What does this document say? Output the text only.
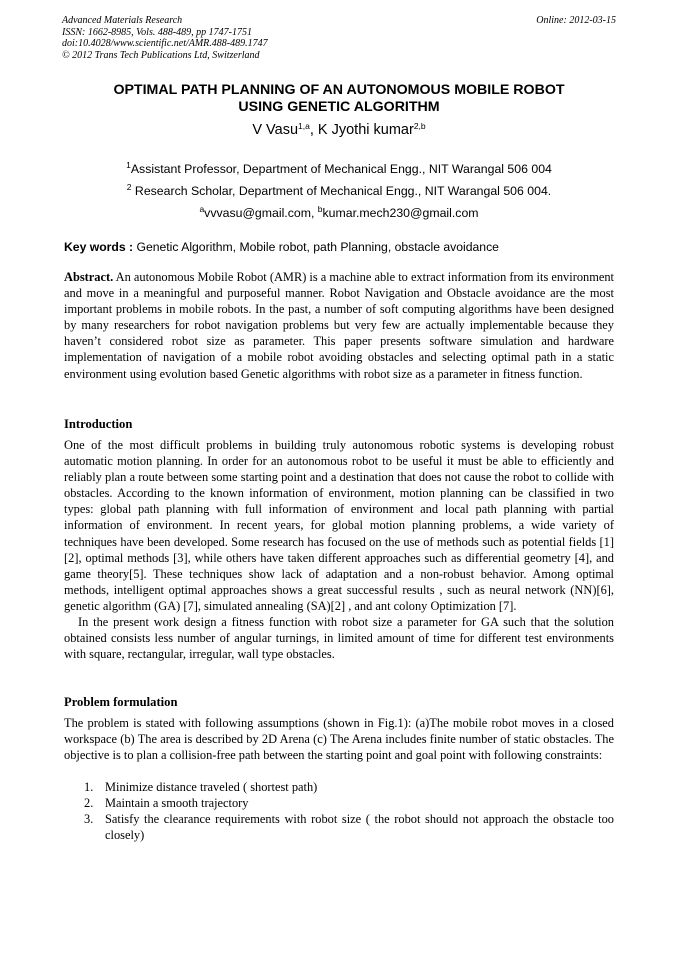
Advanced Materials Research
ISSN: 1662-8985, Vols. 488-489, pp 1747-1751
doi:10.4028/www.scientific.net/AMR.488-489.1747
© 2012 Trans Tech Publications Ltd, Switzerland
Online: 2012-03-15
OPTIMAL PATH PLANNING OF AN AUTONOMOUS MOBILE ROBOT
USING GENETIC ALGORITHM
V Vasu$^{1,a}$, K Jyothi kumar$^{2,b}$
$^1$Assistant Professor, Department of Mechanical Engg., NIT Warangal 506 004
$^2$ Research Scholar, Department of Mechanical Engg., NIT Warangal 506 004.
$^a$vvvasu@gmail.com, $^b$kumar.mech230@gmail.com
Key words : Genetic Algorithm, Mobile robot, path Planning, obstacle avoidance
Abstract. An autonomous Mobile Robot (AMR) is a machine able to extract information from its environment and move in a meaningful and purposeful manner. Robot Navigation and Obstacle avoidance are the most important problems in mobile robots. In the past, a number of soft computing algorithms have been designed by many researchers for robot navigation problems but very few are actually implementable because they haven’t considered robot size as parameter. This paper presents software simulation and hardware implementation of navigation of a mobile robot avoiding obstacles and selecting optimal path in a static environment using evolution based Genetic algorithms with robot size as a parameter in fitness function.
Introduction
One of the most difficult problems in building truly autonomous robotic systems is developing robust automatic motion planning. In order for an autonomous robot to be useful it must be able to efficiently and reliably plan a route between some starting point and a destination that does not cause the robot to collide with obstacles. According to the known information of environment, motion planning can be classified in two types: global path planning with full information of environment and local path planning with partial information of environment. In recent years, for global motion planning problems, a wide variety of techniques have been developed. Some research has focused on the use of methods such as potential fields [1][2], optimal methods [3], while others have taken different approaches such as differential geometry [4], and game theory[5]. These techniques show lack of adaptation and a non-robust behavior. Among optimal methods, intelligent optimal approaches shows a great successful results , such as neural network (NN)[6], genetic algorithm (GA) [7], simulated annealing (SA)[2] , and ant colony Optimization [7].
In the present work design a fitness function with robot size a parameter for GA such that the solution obtained consists less number of angular turnings, in limited amount of time for different test environments with square, rectangular, irregular, wall type obstacles.
Problem formulation
The problem is stated with following assumptions (shown in Fig.1): (a)The mobile robot moves in a closed workspace (b) The area is described by 2D Arena (c) The Arena includes finite number of static obstacles. The objective is to plan a collision-free path between the starting point and goal point with following constraints:
1. Minimize distance traveled ( shortest path)
2. Maintain a smooth trajectory
3. Satisfy the clearance requirements with robot size ( the robot should not approach the obstacle too closely)
